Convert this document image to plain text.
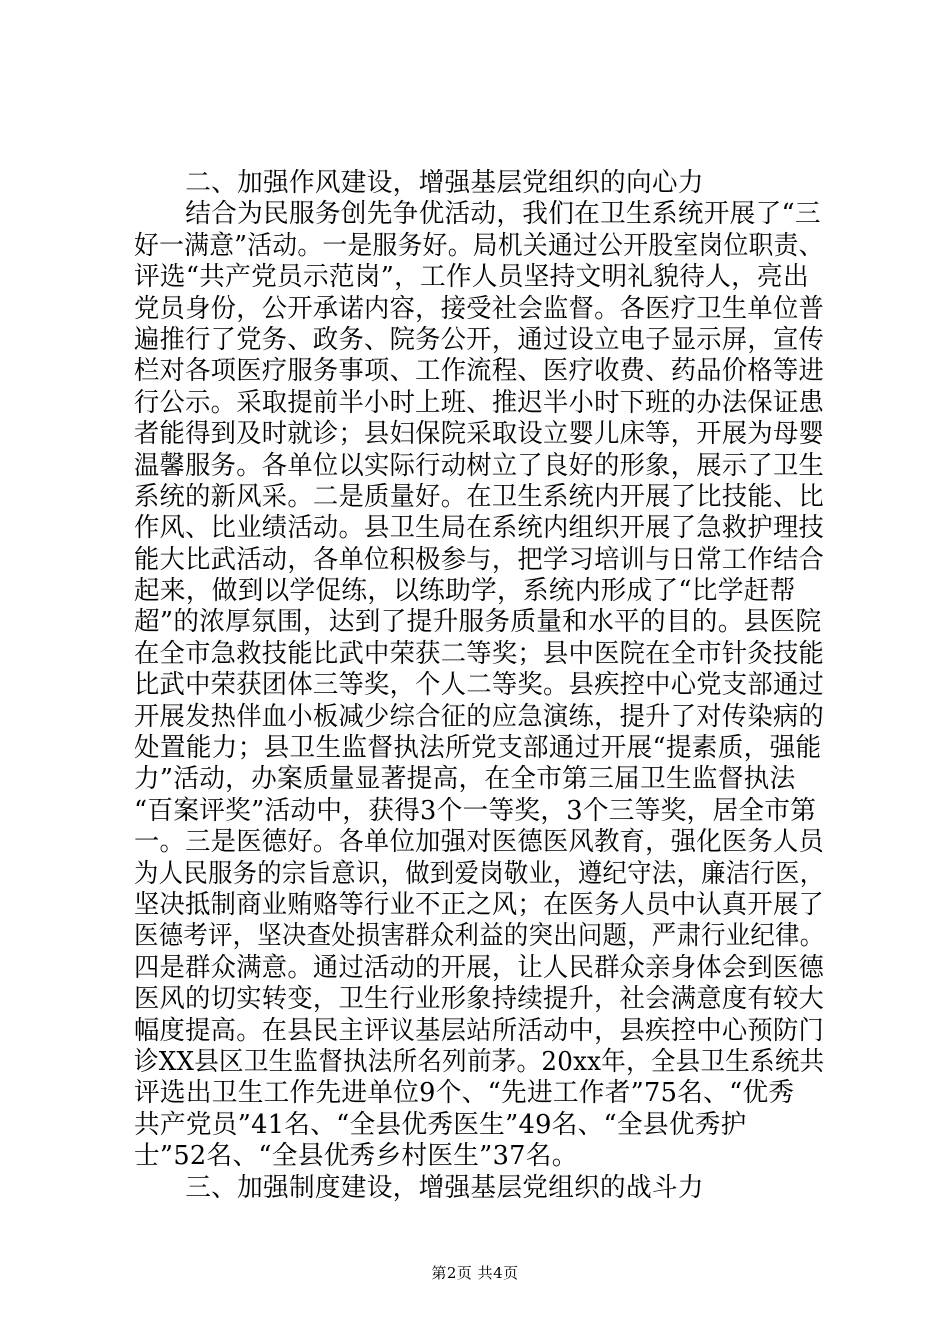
二、加强作风建设，增强基层党组织的向心力
结合为民服务创先争优活动，我们在卫生系统开展了“三
好一满意”活动。一是服务好。局机关通过公开股室岗位职责、
评选“共产党员示范岗”，工作人员坚持文明礼貌待人，亮出
党员身份，公开承诺内容，接受社会监督。各医疗卫生单位普
遍推行了党务、政务、院务公开，通过设立电子显示屏，宣传
栏对各项医疗服务事项、工作流程、医疗收费、药品价格等进
行公示。采取提前半小时上班、推迟半小时下班的办法保证患
者能得到及时就诊；县妇保院采取设立婴儿床等，开展为母婴
温馨服务。各单位以实际行动树立了良好的形象，展示了卫生
系统的新风采。二是质量好。在卫生系统内开展了比技能、比
作风、比业绩活动。县卫生局在系统内组织开展了急救护理技
能大比武活动，各单位积极参与，把学习培训与日常工作结合
起来，做到以学促练，以练助学，系统内形成了“比学赶帮
超”的浓厚氛围，达到了提升服务质量和水平的目的。县医院
在全市急救技能比武中荣获二等奖；县中医院在全市针灸技能
比武中荣获团体三等奖，个人二等奖。县疾控中心党支部通过
开展发热伴血小板减少综合征的应急演练，提升了对传染病的
处置能力；县卫生监督执法所党支部通过开展“提素质，强能
力”活动，办案质量显著提高，在全市第三届卫生监督执法
“百案评奖”活动中，获得3个一等奖，3个三等奖，居全市第
一。三是医德好。各单位加强对医德医风教育，强化医务人员
为人民服务的宗旨意识，做到爱岗敬业，遵纪守法，廉洁行医，
坚决抵制商业贿赂等行业不正之风；在医务人员中认真开展了
医德考评，坚决查处损害群众利益的突出问题，严肃行业纪律。
四是群众满意。通过活动的开展，让人民群众亲身体会到医德
医风的切实转变，卫生行业形象持续提升，社会满意度有较大
幅度提高。在县民主评议基层站所活动中，县疾控中心预防门
诊XX县区卫生监督执法所名列前茅。20xx年，全县卫生系统共
评选出卫生工作先进单位9个、“先进工作者”75名、“优秀
共产党员”41名、“全县优秀医生”49名、“全县优秀护
士”52名、“全县优秀乡村医生”37名。
三、加强制度建设，增强基层党组织的战斗力
第2页 共4页
